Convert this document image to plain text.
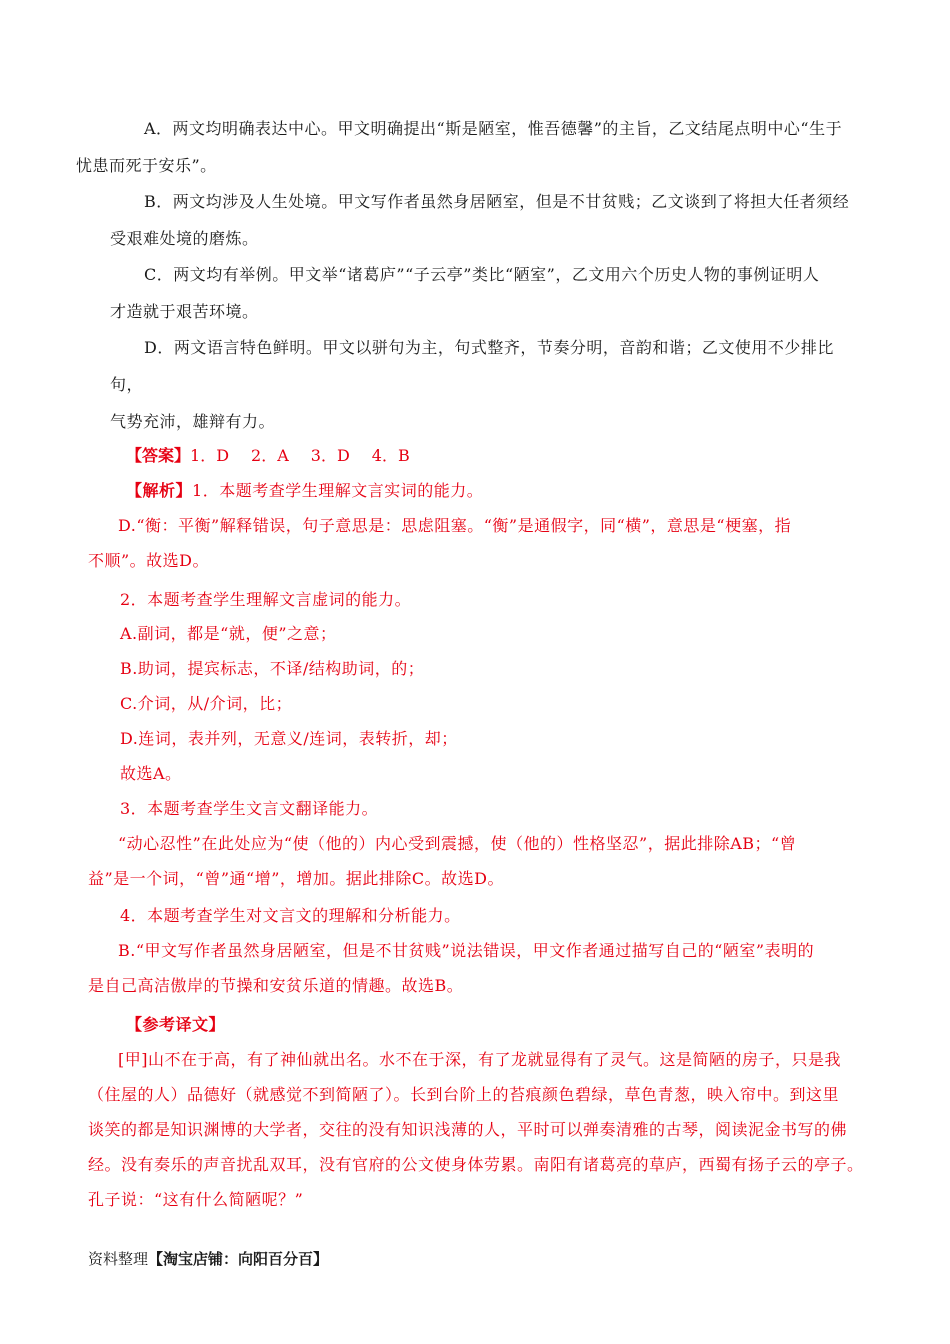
A．两文均明确表达中心。甲文明确提出“斯是陋室，惟吾德馨”的主旨，乙文结尾点明中心“生于
忧患而死于安乐”。

B．两文均涉及人生处境。甲文写作者虽然身居陋室，但是不甘贫贱；乙文谈到了将担大任者须经
受艰难处境的磨炼。

C．两文均有举例。甲文举“诸葛庐”“子云亭”类比“陋室”，乙文用六个历史人物的事例证明人
才造就于艰苦环境。

D．两文语言特色鲜明。甲文以骈句为主，句式整齐，节奏分明，音韵和谐；乙文使用不少排比句，
气势充沛，雄辩有力。

【答案】1．D 2．A 3．D 4．B

【解析】1．本题考查学生理解文言实词的能力。

D.“衡：平衡”解释错误，句子意思是：思虑阻塞。“衡”是通假字，同“横”，意思是“梗塞，指
不顺”。故选D。

2．本题考查学生理解文言虚词的能力。

A.副词，都是“就，便”之意；

B.助词，提宾标志，不译/结构助词，的；

C.介词，从/介词，比；

D.连词，表并列，无意义/连词，表转折，却；

故选A。

3．本题考查学生文言文翻译能力。

“动心忍性”在此处应为“使（他的）内心受到震撼，使（他的）性格坚忍”，据此排除AB；“曾
益”是一个词，“曾”通“增”，增加。据此排除C。故选D。

4．本题考查学生对文言文的理解和分析能力。

B.“甲文写作者虽然身居陋室，但是不甘贫贱”说法错误，甲文作者通过描写自己的“陋室”表明的
是自己高洁傲岸的节操和安贫乐道的情趣。故选B。

【参考译文】

[甲]山不在于高，有了神仙就出名。水不在于深，有了龙就显得有了灵气。这是简陋的房子，只是我
（住屋的人）品德好（就感觉不到简陋了）。长到台阶上的苔痕颜色碧绿，草色青葱，映入帘中。到这里
谈笑的都是知识渊博的大学者，交往的没有知识浅薄的人，平时可以弹奏清雅的古琴，阅读泥金书写的佛
经。没有奏乐的声音扰乱双耳，没有官府的公文使身体劳累。南阳有诸葛亮的草庐，西蜀有扬子云的亭子。
孔子说：“这有什么简陋呢？”

资料整理【淘宝店铺：向阳百分百】
